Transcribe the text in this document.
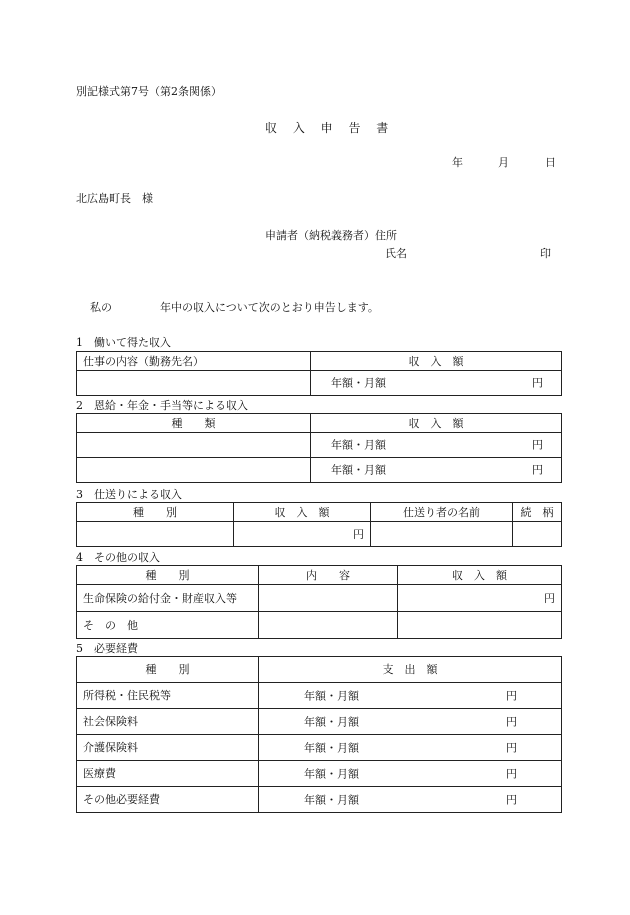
別記様式第7号（第2条関係）
収 入 申 告 書
年	月	日
北広島町長　様
申請者（納税義務者）住所
氏名	印
私の	年中の収入について次のとおり申告します。
1　働いて得た収入
仕事の内容（勤務先名）	収　入　額

	年額・月額 円
2　恩給・年金・手当等による収入
種　　類	収　入　額

	年額・月額 円

	年額・月額 円
3　仕送りによる収入
種　　別	収　入　額	仕送り者の名前	続　柄
	円		
4　その他の収入
種　　別	内　　容	収　入　額
生命保険の給付金・財産収入等		円
そ　の　他		
5　必要経費
種　　別	支　出　額
所得税・住民税等	年額・月額 円

社会保険料	年額・月額 円

介護保険料	年額・月額 円

医療費	年額・月額 円

その他必要経費	年額・月額 円
